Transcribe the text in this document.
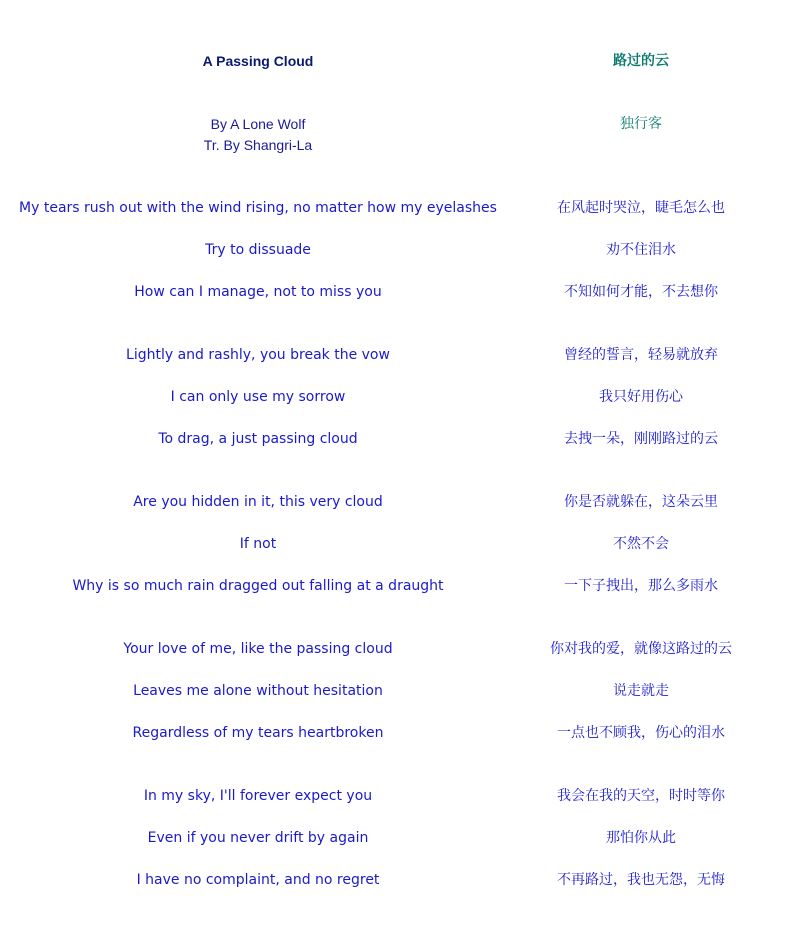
A Passing Cloud	路过的云
By A Lone Wolf
Tr. By Shangri-La
独行客
My tears rush out with the wind rising, no matter how my eyelashes	在风起时哭泣，睫毛怎么也
Try to dissuade	劝不住泪水
How can I manage, not to miss you	不知如何才能，不去想你
Lightly and rashly, you break the vow	曾经的誓言，轻易就放弃
I can only use my sorrow	我只好用伤心
To drag, a just passing cloud	去拽一朵，刚刚路过的云
Are you hidden in it, this very cloud	你是否就躲在，这朵云里
If not	不然不会
Why is so much rain dragged out falling at a draught	一下子拽出，那么多雨水
Your love of me, like the passing cloud	你对我的爱，就像这路过的云
Leaves me alone without hesitation	说走就走
Regardless of my tears heartbroken	一点也不顾我，伤心的泪水
In my sky, I'll forever expect you	我会在我的天空，时时等你
Even if you never drift by again	那怕你从此
I have no complaint, and no regret	不再路过，我也无怨，无悔
